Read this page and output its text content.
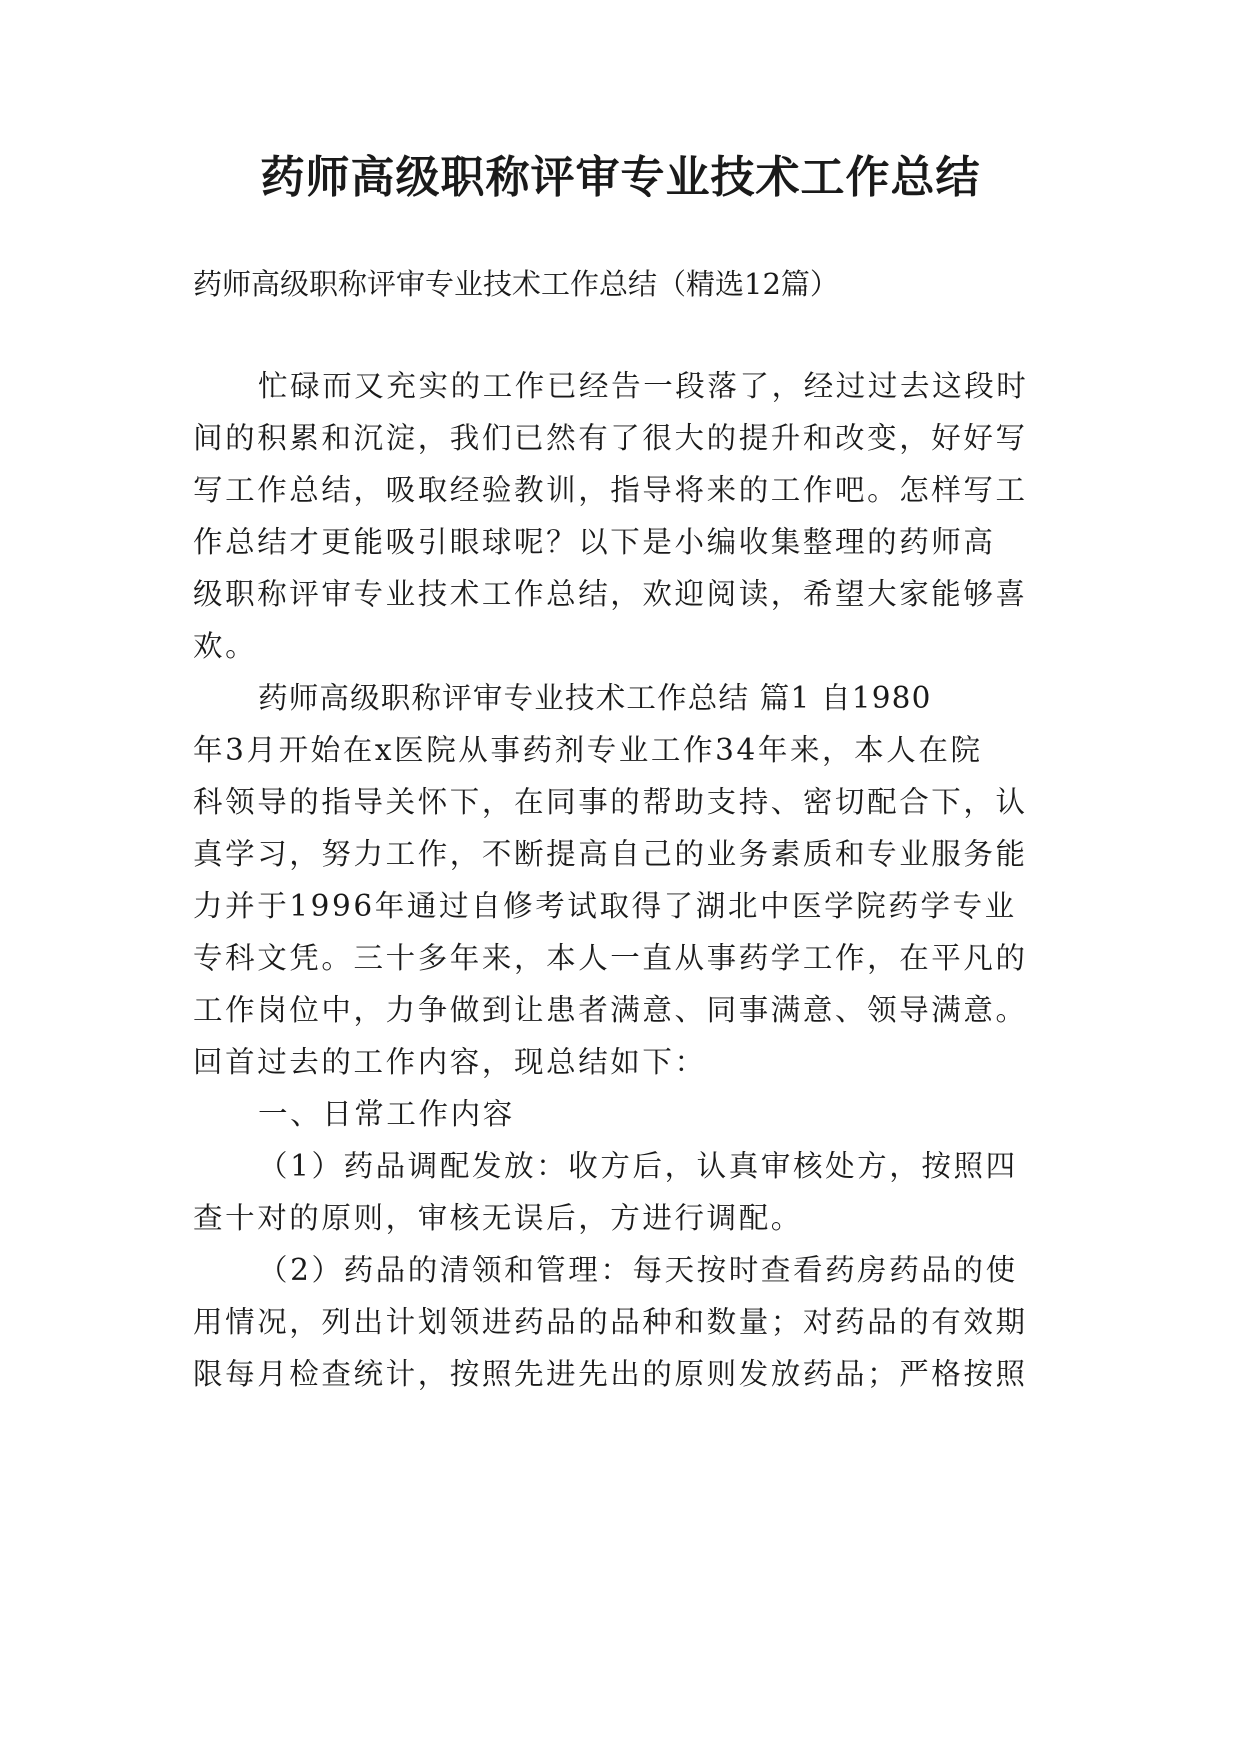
药师高级职称评审专业技术工作总结

药师高级职称评审专业技术工作总结（精选12篇）

忙碌而又充实的工作已经告一段落了，经过过去这段时

间的积累和沉淀，我们已然有了很大的提升和改变，好好写

写工作总结，吸取经验教训，指导将来的工作吧。怎样写工

作总结才更能吸引眼球呢？以下是小编收集整理的药师高

级职称评审专业技术工作总结，欢迎阅读，希望大家能够喜

欢。

药师高级职称评审专业技术工作总结 篇1 自1980

年3月开始在x医院从事药剂专业工作34年来，本人在院

科领导的指导关怀下，在同事的帮助支持、密切配合下，认

真学习，努力工作，不断提高自己的业务素质和专业服务能

力并于1996年通过自修考试取得了湖北中医学院药学专业

专科文凭。三十多年来，本人一直从事药学工作，在平凡的

工作岗位中，力争做到让患者满意、同事满意、领导满意。

回首过去的工作内容，现总结如下：

一、日常工作内容

（1）药品调配发放：收方后，认真审核处方，按照四

查十对的原则，审核无误后，方进行调配。

（2）药品的清领和管理：每天按时查看药房药品的使

用情况，列出计划领进药品的品种和数量；对药品的有效期

限每月检查统计，按照先进先出的原则发放药品；严格按照
